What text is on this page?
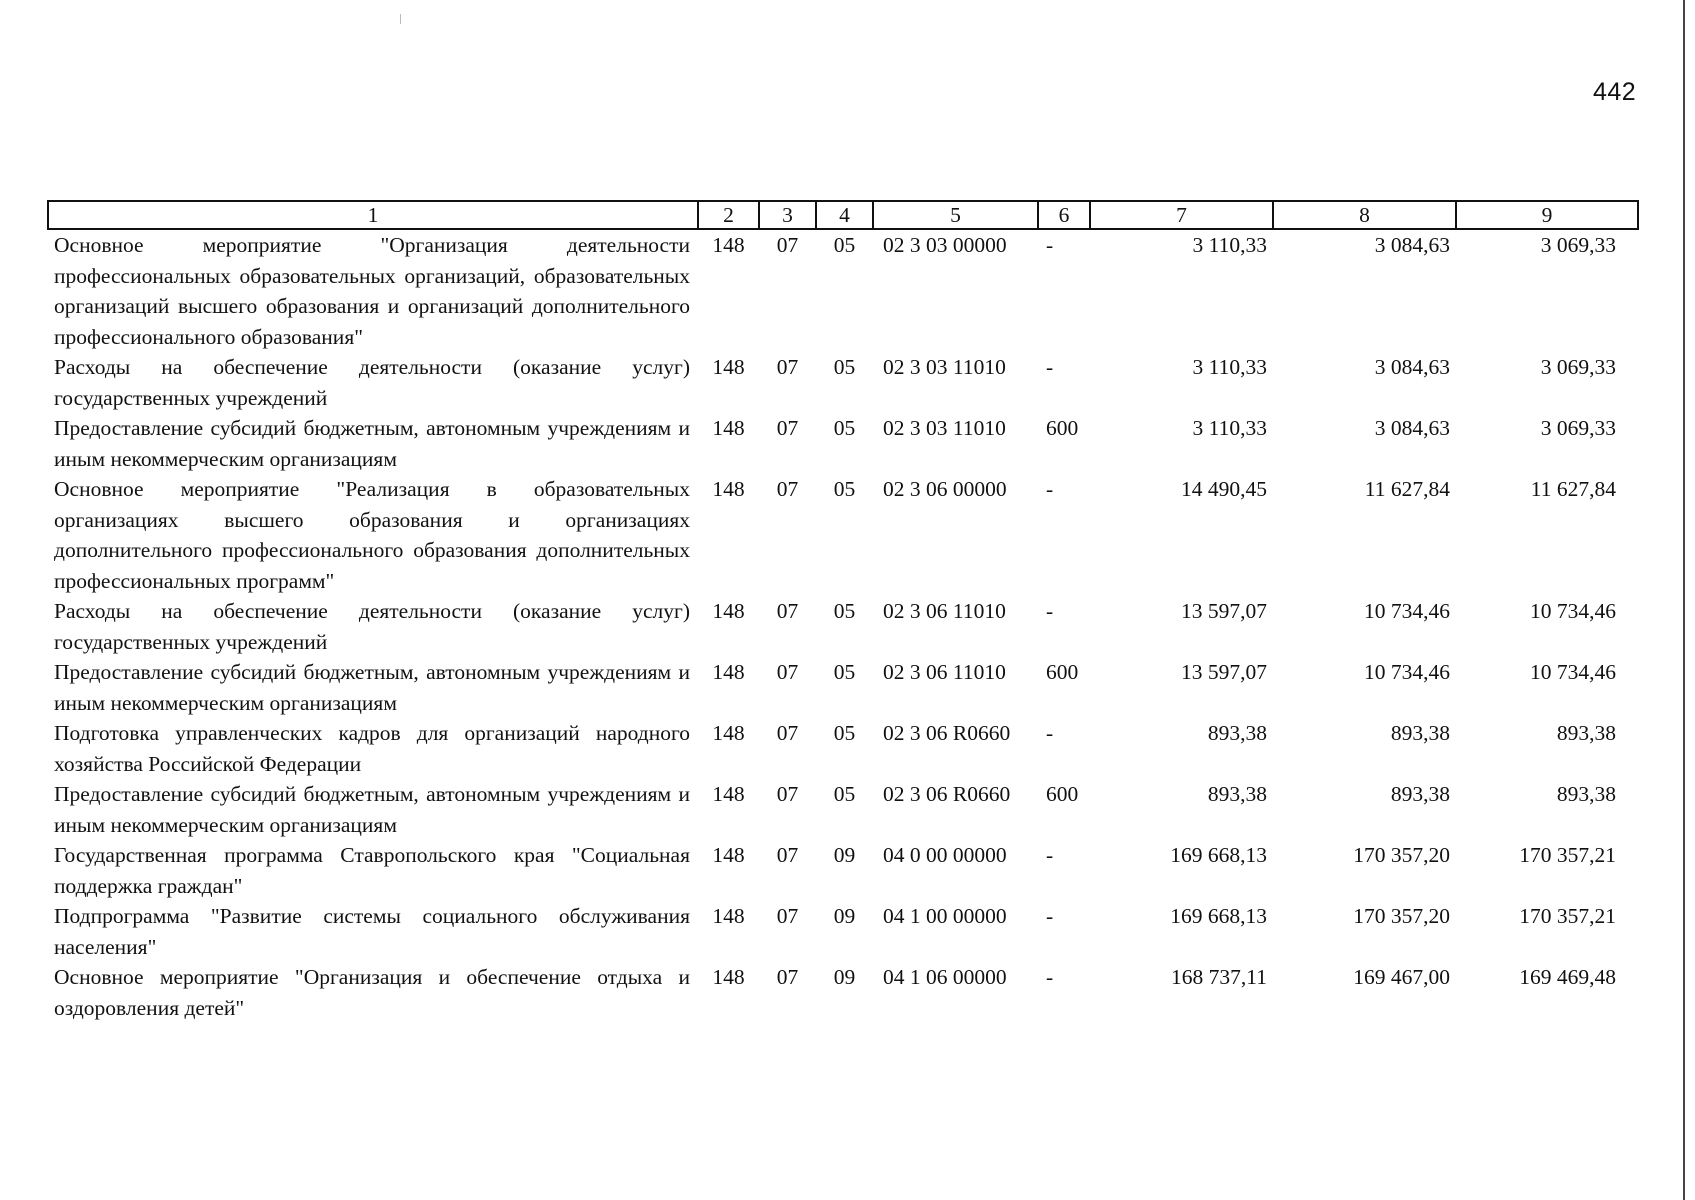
442
1	2	3	4	5	6	7	8	9
Основное мероприятие "Организация деятельности профессиональных образовательных организаций, образовательных организаций высшего образования и организаций дополнительного профессионального образования"	148	07	05	02 3 03 00000	-	3 110,33	3 084,63	3 069,33
Расходы на обеспечение деятельности (оказание услуг) государственных учреждений	148	07	05	02 3 03 11010	-	3 110,33	3 084,63	3 069,33
Предоставление субсидий бюджетным, автономным учреждениям и иным некоммерческим организациям	148	07	05	02 3 03 11010	600	3 110,33	3 084,63	3 069,33
Основное мероприятие "Реализация в образовательных организациях высшего образования и организациях дополнительного профессионального образования дополнительных профессиональных программ"	148	07	05	02 3 06 00000	-	14 490,45	11 627,84	11 627,84
Расходы на обеспечение деятельности (оказание услуг) государственных учреждений	148	07	05	02 3 06 11010	-	13 597,07	10 734,46	10 734,46
Предоставление субсидий бюджетным, автономным учреждениям и иным некоммерческим организациям	148	07	05	02 3 06 11010	600	13 597,07	10 734,46	10 734,46
Подготовка управленческих кадров для организаций народного хозяйства Российской Федерации	148	07	05	02 3 06 R0660	-	893,38	893,38	893,38
Предоставление субсидий бюджетным, автономным учреждениям и иным некоммерческим организациям	148	07	05	02 3 06 R0660	600	893,38	893,38	893,38
Государственная программа Ставропольского края "Социальная поддержка граждан"	148	07	09	04 0 00 00000	-	169 668,13	170 357,20	170 357,21
Подпрограмма "Развитие системы социального обслуживания населения"	148	07	09	04 1 00 00000	-	169 668,13	170 357,20	170 357,21
Основное мероприятие "Организация и обеспечение отдыха и оздоровления детей"	148	07	09	04 1 06 00000	-	168 737,11	169 467,00	169 469,48
